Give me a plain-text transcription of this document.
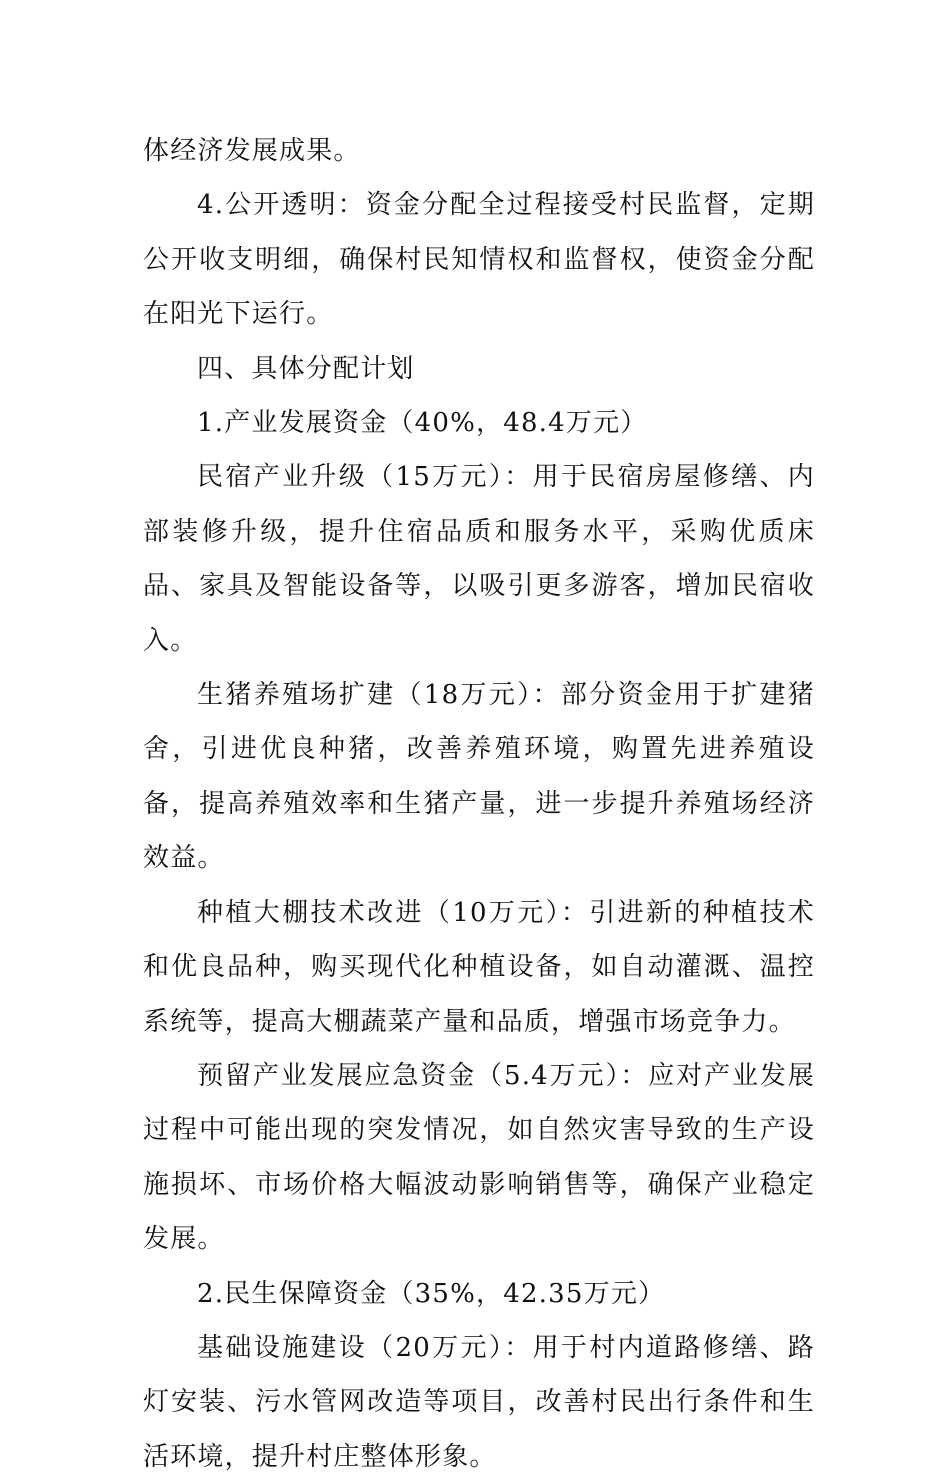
体经济发展成果。

4.公开透明：资金分配全过程接受村民监督，定期公开收支明细，确保村民知情权和监督权，使资金分配在阳光下运行。

四、具体分配计划

1.产业发展资金（40%，48.4万元）

民宿产业升级（15万元）：用于民宿房屋修缮、内部装修升级，提升住宿品质和服务水平，采购优质床品、家具及智能设备等，以吸引更多游客，增加民宿收入。

生猪养殖场扩建（18万元）：部分资金用于扩建猪舍，引进优良种猪，改善养殖环境，购置先进养殖设备，提高养殖效率和生猪产量，进一步提升养殖场经济效益。

种植大棚技术改进（10万元）：引进新的种植技术和优良品种，购买现代化种植设备，如自动灌溉、温控系统等，提高大棚蔬菜产量和品质，增强市场竞争力。

预留产业发展应急资金（5.4万元）：应对产业发展过程中可能出现的突发情况，如自然灾害导致的生产设施损坏、市场价格大幅波动影响销售等，确保产业稳定发展。

2.民生保障资金（35%，42.35万元）

基础设施建设（20万元）：用于村内道路修缮、路灯安装、污水管网改造等项目，改善村民出行条件和生活环境，提升村庄整体形象。
